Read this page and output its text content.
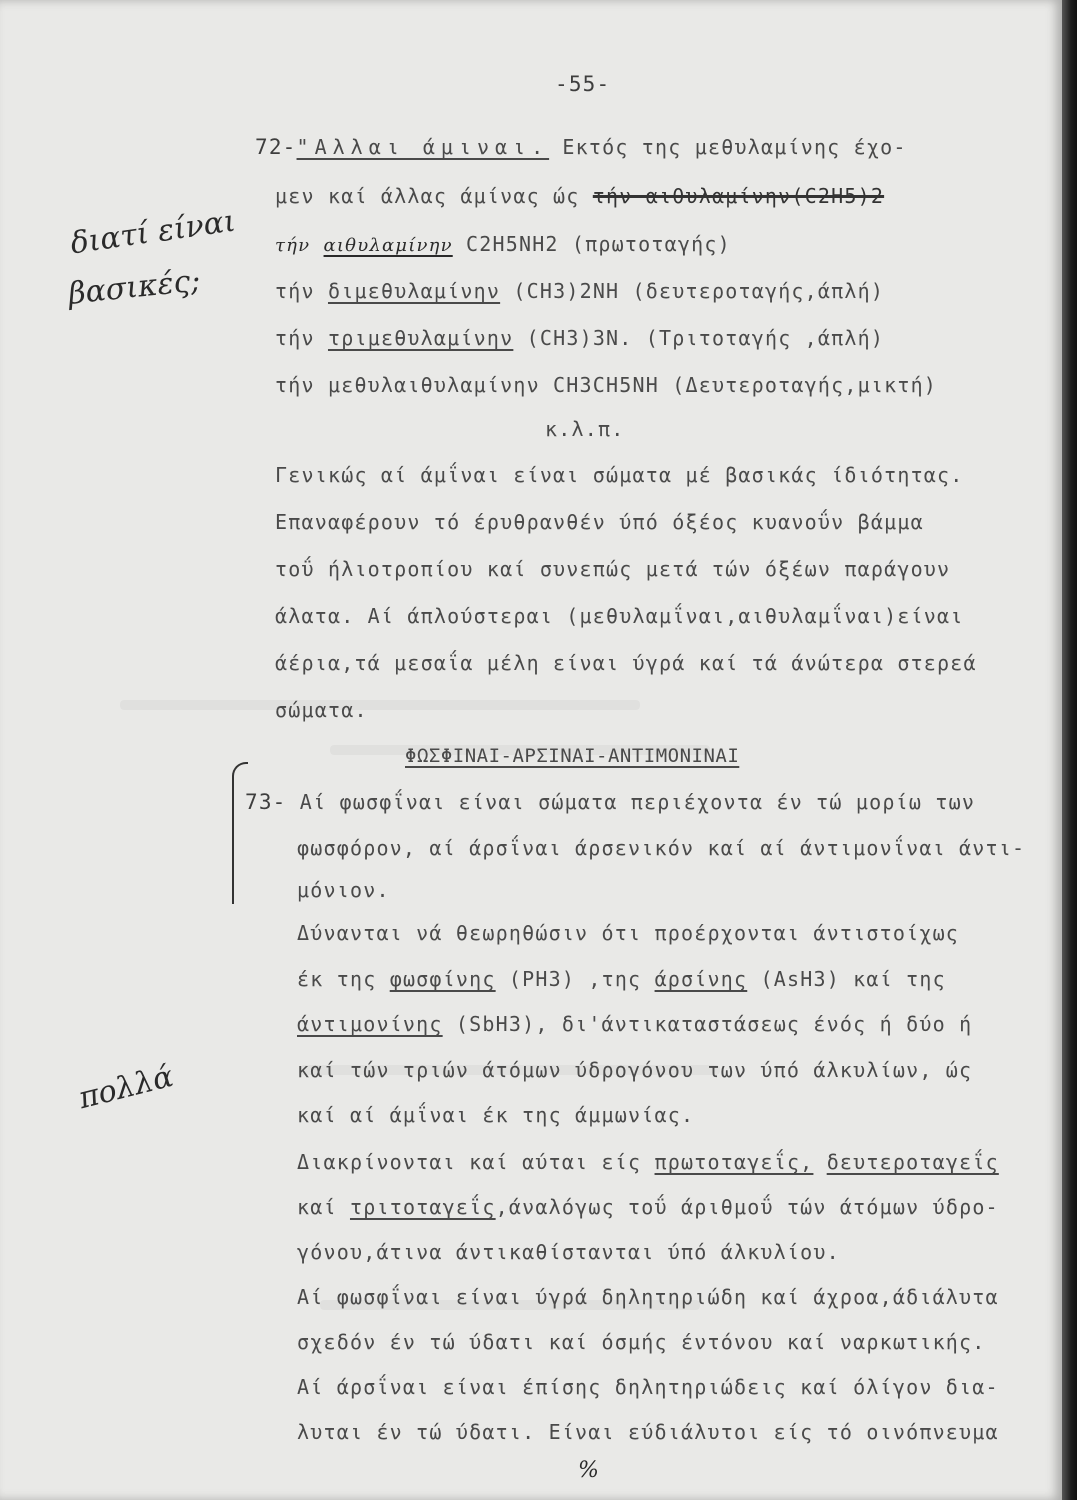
-55-
διατί είναι
βασικές;
πολλά
72-"Αλλαι άμιναι. Εκτός της μεθυλαμίνης έχο-
μεν καί άλλας άμίνας ώς τήν αιθυλαμίνην(C2H5)2
τήν αιθυλαμίνην C2H5NH2 (πρωτοταγής)
τήν διμεθυλαμίνην (CH3)2NH (δευτεροταγής,άπλή)
τήν τριμεθυλαμίνην (CH3)3N. (Τριτοταγής ,άπλή)
τήν μεθυλαιθυλαμίνην CH3CH5NH (Δευτεροταγής,μικτή)
κ.λ.π.
Γενικώς αί άμΐναι είναι σώματα μέ βασικάς ίδιότητας.
Επαναφέρουν τό έρυθρανθέν ύπό όξέος κυανοΰν βάμμα
τοΰ ήλιοτροπίου καί συνεπώς μετά τών όξέων παράγουν
άλατα. Αί άπλούστεραι (μεθυλαμΐναι,αιθυλαμΐναι)είναι
άέρια,τά μεσαΐα μέλη είναι ύγρά καί τά άνώτερα στερεά
σώματα.
ΦΩΣΦΙΝΑΙ-ΑΡΣΙΝΑΙ-ΑΝΤΙΜΟΝΙΝΑΙ
73- Αί φωσφΐναι είναι σώματα περιέχοντα έν τώ μορίω των
φωσφόρον, αί άρσΐναι άρσενικόν καί αί άντιμονΐναι άντι-
μόνιον.
Δύνανται νά θεωρηθώσιν ότι προέρχονται άντιστοίχως
έκ της φωσφίνης (PH3) ,της άρσίνης (AsH3) καί της
άντιμονίνης (SbH3), δι'άντικαταστάσεως ένός ή δύο ή
καί τών τριών άτόμων ύδρογόνου των ύπό άλκυλίων, ώς
καί αί άμΐναι έκ της άμμωνίας.
Διακρίνονται καί αύται είς πρωτοταγεΐς, δευτεροταγεΐς
καί τριτοταγεΐς,άναλόγως τοΰ άριθμοΰ τών άτόμων ύδρο-
γόνου,άτινα άντικαθίστανται ύπό άλκυλίου.
Αί φωσφΐναι είναι ύγρά δηλητηριώδη καί άχροα,άδιάλυτα
σχεδόν έν τώ ύδατι καί όσμής έντόνου καί ναρκωτικής.
Αί άρσΐναι είναι έπίσης δηλητηριώδεις καί όλίγον δια-
λυται έν τώ ύδατι. Είναι εύδιάλυτοι είς τό οινόπνευμα
%
